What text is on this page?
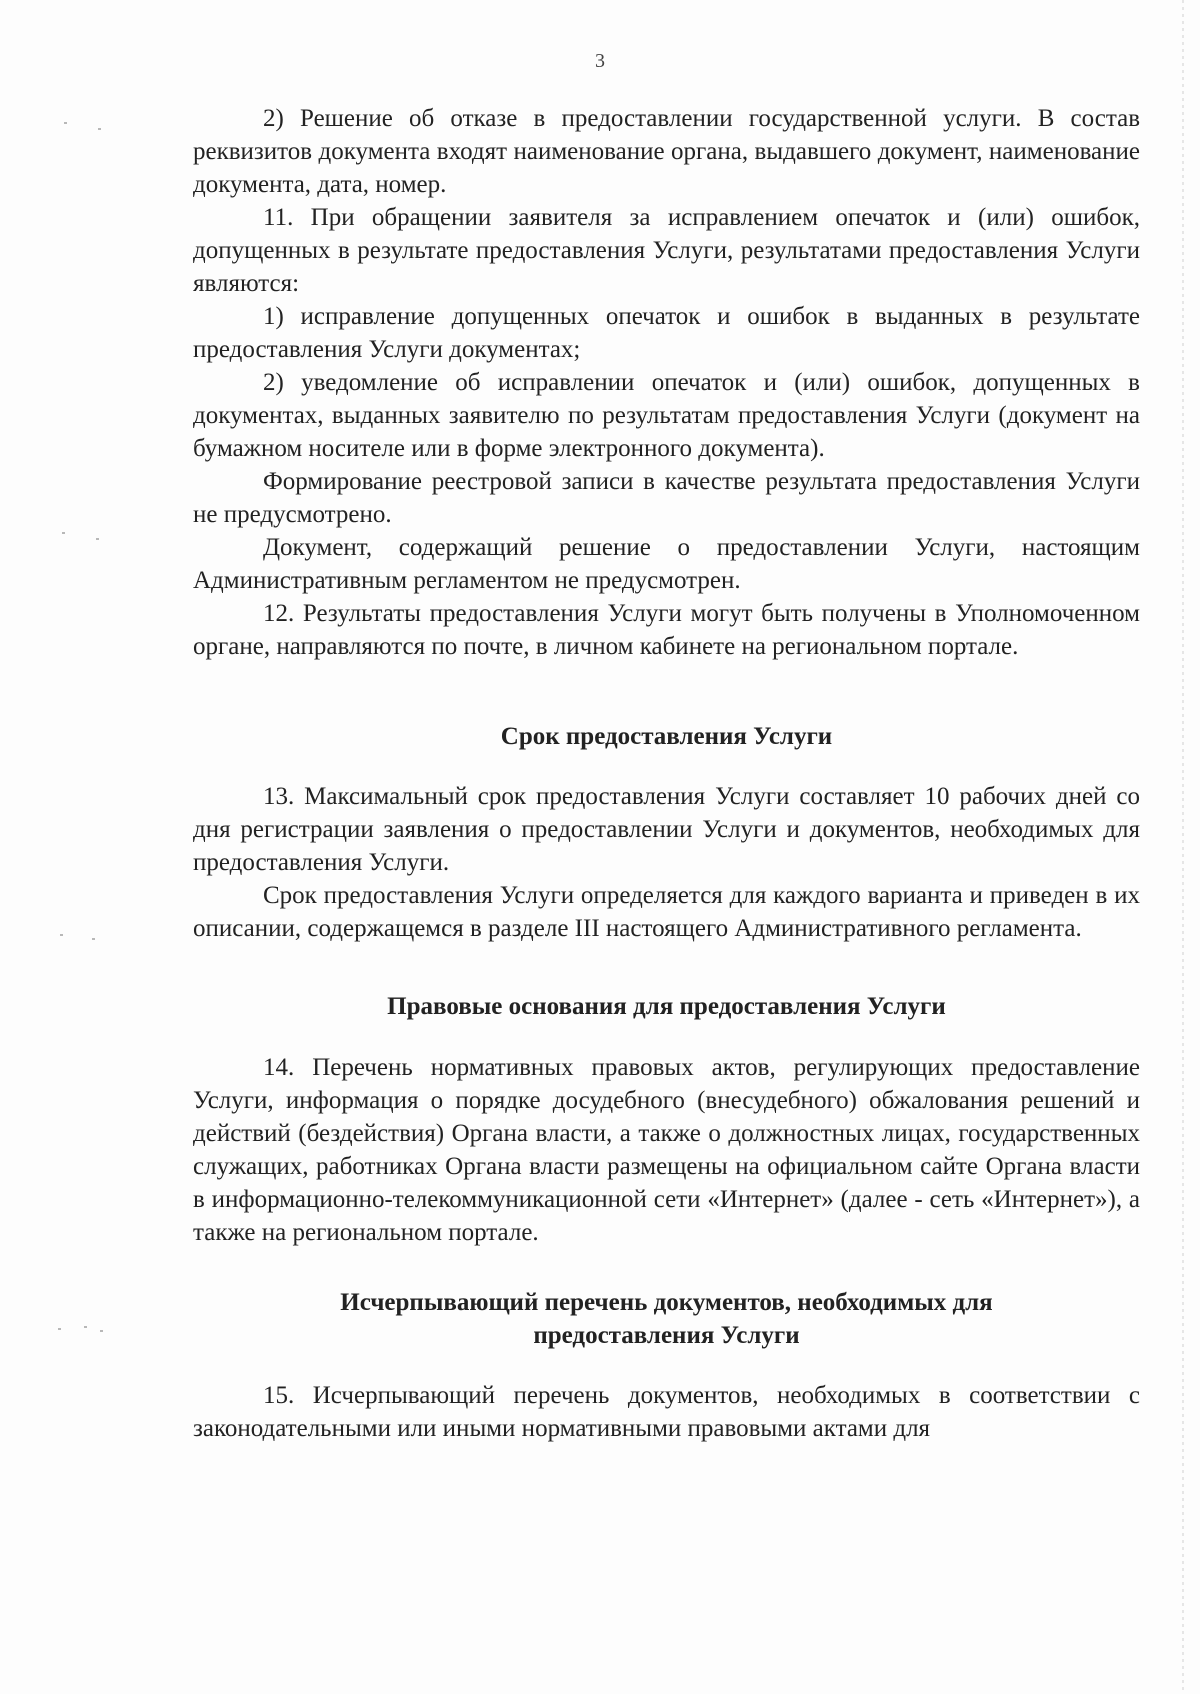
3

2) Решение об отказе в предоставлении государственной услуги. В состав реквизитов документа входят наименование органа, выдавшего документ, наименование документа, дата, номер.

11. При обращении заявителя за исправлением опечаток и (или) ошибок, допущенных в результате предоставления Услуги, результатами предоставления Услуги являются:

1) исправление допущенных опечаток и ошибок в выданных в результате предоставления Услуги документах;

2) уведомление об исправлении опечаток и (или) ошибок, допущенных в документах, выданных заявителю по результатам предоставления Услуги (документ на бумажном носителе или в форме электронного документа).

Формирование реестровой записи в качестве результата предоставления Услуги не предусмотрено.

Документ, содержащий решение о предоставлении Услуги, настоящим Административным регламентом не предусмотрен.

12. Результаты предоставления Услуги могут быть получены в Уполномоченном органе, направляются по почте, в личном кабинете на региональном портале.

Срок предоставления Услуги

13. Максимальный срок предоставления Услуги составляет 10 рабочих дней со дня регистрации заявления о предоставлении Услуги и документов, необходимых для предоставления Услуги.

Срок предоставления Услуги определяется для каждого варианта и приведен в их описании, содержащемся в разделе III настоящего Административного регламента.

Правовые основания для предоставления Услуги

14. Перечень нормативных правовых актов, регулирующих предоставление Услуги, информация о порядке досудебного (внесудебного) обжалования решений и действий (бездействия) Органа власти, а также о должностных лицах, государственных служащих, работниках Органа власти размещены на официальном сайте Органа власти в информационно-телекоммуникационной сети «Интернет» (далее - сеть «Интернет»), а также на региональном портале.

Исчерпывающий перечень документов, необходимых для

предоставления Услуги

15. Исчерпывающий перечень документов, необходимых в соответствии с законодательными или иными нормативными правовыми актами для
